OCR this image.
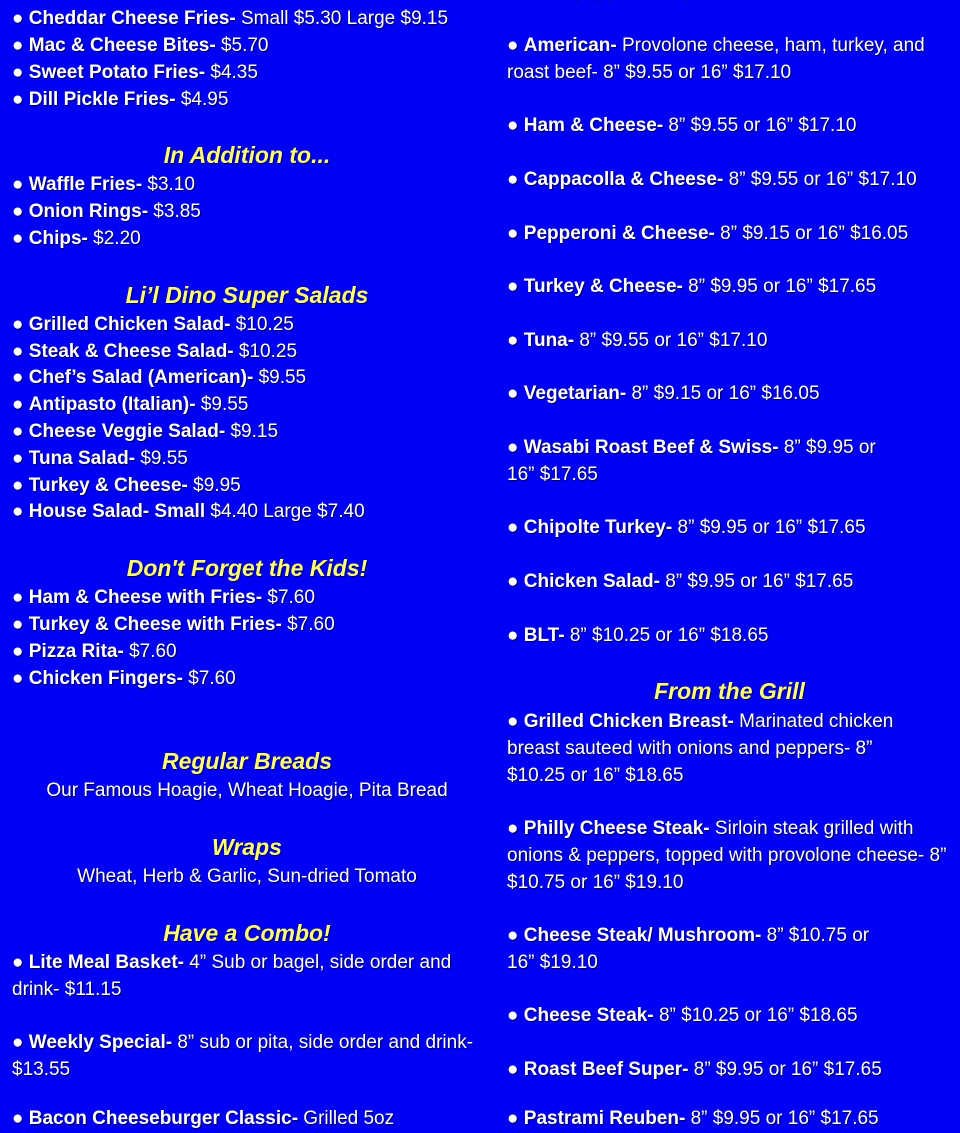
● Cheddar Cheese Fries- Small $5.30 Large $9.15
● Mac & Cheese Bites- $5.70
● Sweet Potato Fries- $4.35
● Dill Pickle Fries- $4.95
In Addition to...
● Waffle Fries- $3.10
● Onion Rings- $3.85
● Chips- $2.20
Li’l Dino Super Salads
● Grilled Chicken Salad- $10.25
● Steak & Cheese Salad- $10.25
● Chef’s Salad (American)- $9.55
● Antipasto (Italian)- $9.55
● Cheese Veggie Salad- $9.15
● Tuna Salad- $9.55
● Turkey & Cheese- $9.95
● House Salad- Small $4.40 Large $7.40
Don't Forget the Kids!
● Ham & Cheese with Fries- $7.60
● Turkey & Cheese with Fries- $7.60
● Pizza Rita- $7.60
● Chicken Fingers- $7.60
Regular Breads
Our Famous Hoagie, Wheat Hoagie, Pita Bread
Wraps
Wheat, Herb & Garlic, Sun-dried Tomato
Have a Combo!
● Lite Meal Basket- 4” Sub or bagel, side order and drink- $11.15
● Weekly Special- 8” sub or pita, side order and drink- $13.55
● Bacon Cheeseburger Classic- Grilled 5oz
● American- Provolone cheese, ham, turkey, and roast beef- 8” $9.55 or 16” $17.10
● Ham & Cheese- 8” $9.55 or 16” $17.10
● Cappacolla & Cheese- 8” $9.55 or 16” $17.10
● Pepperoni & Cheese- 8” $9.15 or 16” $16.05
● Turkey & Cheese- 8” $9.95 or 16” $17.65
● Tuna- 8” $9.55 or 16” $17.10
● Vegetarian- 8” $9.15 or 16” $16.05
● Wasabi Roast Beef & Swiss- 8” $9.95 or 16” $17.65
● Chipolte Turkey- 8” $9.95 or 16” $17.65
● Chicken Salad- 8” $9.95 or 16” $17.65
● BLT- 8” $10.25 or 16” $18.65
From the Grill
● Grilled Chicken Breast- Marinated chicken breast sauteed with onions and peppers- 8” $10.25 or 16” $18.65
● Philly Cheese Steak- Sirloin steak grilled with onions & peppers, topped with provolone cheese- 8” $10.75 or 16” $19.10
● Cheese Steak/ Mushroom- 8” $10.75 or 16” $19.10
● Cheese Steak- 8” $10.25 or 16” $18.65
● Roast Beef Super- 8” $9.95 or 16” $17.65
● Pastrami Reuben- 8” $9.95 or 16” $17.65
